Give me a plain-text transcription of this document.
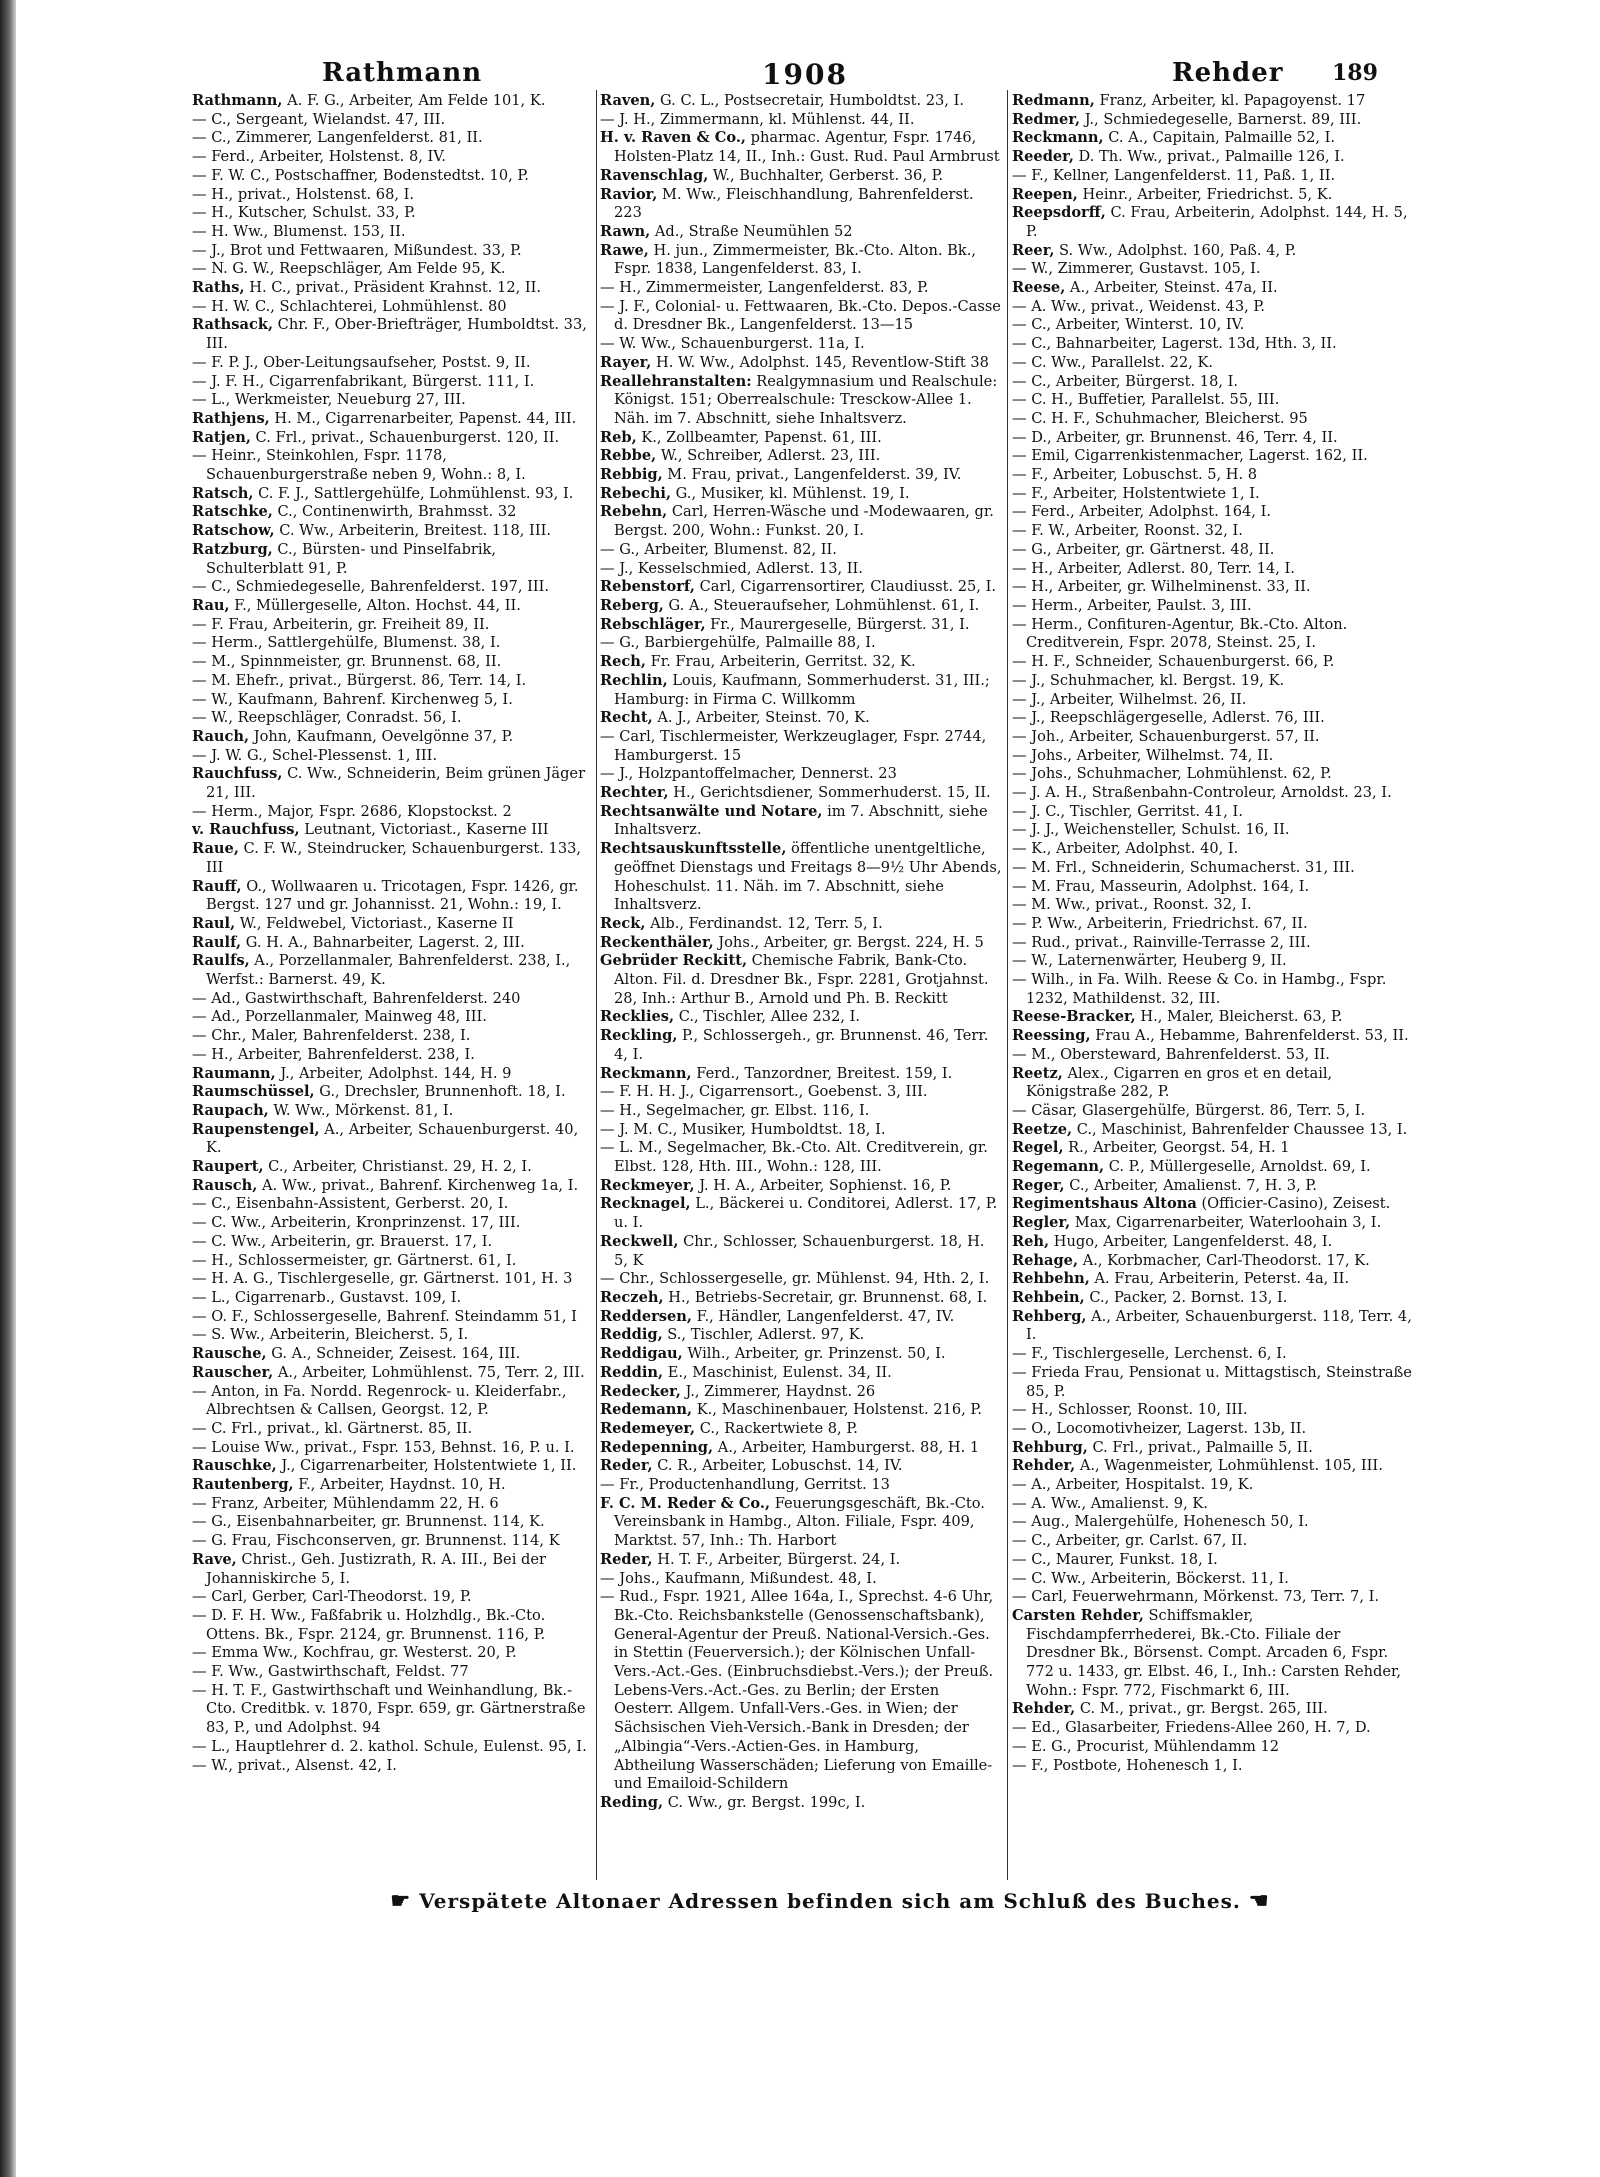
Rathmann	1908	Rehder 189

Rathmann, A. F. G., Arbeiter, Am Felde 101, K.

— C., Sergeant, Wielandst. 47, III.

— C., Zimmerer, Langenfelderst. 81, II.

— Ferd., Arbeiter, Holstenst. 8, IV.

— F. W. C., Postschaffner, Bodenstedtst. 10, P.

— H., privat., Holstenst. 68, I.

— H., Kutscher, Schulst. 33, P.

— H. Ww., Blumenst. 153, II.

— J., Brot und Fettwaaren, Mißundest. 33, P.

— N. G. W., Reepschläger, Am Felde 95, K.

Raths, H. C., privat., Präsident Krahnst. 12, II.

— H. W. C., Schlachterei, Lohmühlenst. 80

Rathsack, Chr. F., Ober-Briefträger, Humboldtst. 33, III.

— F. P. J., Ober-Leitungsaufseher, Postst. 9, II.

— J. F. H., Cigarrenfabrikant, Bürgerst. 111, I.

— L., Werkmeister, Neueburg 27, III.

Rathjens, H. M., Cigarrenarbeiter, Papenst. 44, III.

Ratjen, C. Frl., privat., Schauenburgerst. 120, II.

— Heinr., Steinkohlen, Fspr. 1178, Schauenburgerstraße neben 9, Wohn.: 8, I.

Ratsch, C. F. J., Sattlergehülfe, Lohmühlenst. 93, I.

Ratschke, C., Continenwirth, Brahmsst. 32

Ratschow, C. Ww., Arbeiterin, Breitest. 118, III.

Ratzburg, C., Bürsten- und Pinselfabrik, Schulterblatt 91, P.

— C., Schmiedegeselle, Bahrenfelderst. 197, III.

Rau, F., Müllergeselle, Alton. Hochst. 44, II.

— F. Frau, Arbeiterin, gr. Freiheit 89, II.

— Herm., Sattlergehülfe, Blumenst. 38, I.

— M., Spinnmeister, gr. Brunnenst. 68, II.

— M. Ehefr., privat., Bürgerst. 86, Terr. 14, I.

— W., Kaufmann, Bahrenf. Kirchenweg 5, I.

— W., Reepschläger, Conradst. 56, I.

Rauch, John, Kaufmann, Oevelgönne 37, P.

— J. W. G., Schel-Plessenst. 1, III.

Rauchfuss, C. Ww., Schneiderin, Beim grünen Jäger 21, III.

— Herm., Major, Fspr. 2686, Klopstockst. 2

v. Rauchfuss, Leutnant, Victoriast., Kaserne III

Raue, C. F. W., Steindrucker, Schauenburgerst. 133, III

Rauff, O., Wollwaaren u. Tricotagen, Fspr. 1426, gr. Bergst. 127 und gr. Johannisst. 21, Wohn.: 19, I.

Raul, W., Feldwebel, Victoriast., Kaserne II

Raulf, G. H. A., Bahnarbeiter, Lagerst. 2, III.

Raulfs, A., Porzellanmaler, Bahrenfelderst. 238, I., Werfst.: Barnerst. 49, K.

— Ad., Gastwirthschaft, Bahrenfelderst. 240

— Ad., Porzellanmaler, Mainweg 48, III.

— Chr., Maler, Bahrenfelderst. 238, I.

— H., Arbeiter, Bahrenfelderst. 238, I.

Raumann, J., Arbeiter, Adolphst. 144, H. 9

Raumschüssel, G., Drechsler, Brunnenhoft. 18, I.

Raupach, W. Ww., Mörkenst. 81, I.

Raupenstengel, A., Arbeiter, Schauenburgerst. 40, K.

Raupert, C., Arbeiter, Christianst. 29, H. 2, I.

Rausch, A. Ww., privat., Bahrenf. Kirchenweg 1a, I.

— C., Eisenbahn-Assistent, Gerberst. 20, I.

— C. Ww., Arbeiterin, Kronprinzenst. 17, III.

— C. Ww., Arbeiterin, gr. Brauerst. 17, I.

— H., Schlossermeister, gr. Gärtnerst. 61, I.

— H. A. G., Tischlergeselle, gr. Gärtnerst. 101, H. 3

— L., Cigarrenarb., Gustavst. 109, I.

— O. F., Schlossergeselle, Bahrenf. Steindamm 51, I

— S. Ww., Arbeiterin, Bleicherst. 5, I.

Rausche, G. A., Schneider, Zeisest. 164, III.

Rauscher, A., Arbeiter, Lohmühlenst. 75, Terr. 2, III.

— Anton, in Fa. Nordd. Regenrock- u. Kleiderfabr., Albrechtsen & Callsen, Georgst. 12, P.

— C. Frl., privat., kl. Gärtnerst. 85, II.

— Louise Ww., privat., Fspr. 153, Behnst. 16, P. u. I.

Rauschke, J., Cigarrenarbeiter, Holstentwiete 1, II.

Rautenberg, F., Arbeiter, Haydnst. 10, H.

— Franz, Arbeiter, Mühlendamm 22, H. 6

— G., Eisenbahnarbeiter, gr. Brunnenst. 114, K.

— G. Frau, Fischconserven, gr. Brunnenst. 114, K

Rave, Christ., Geh. Justizrath, R. A. III., Bei der Johanniskirche 5, I.

— Carl, Gerber, Carl-Theodorst. 19, P.

— D. F. H. Ww., Faßfabrik u. Holzhdlg., Bk.-Cto. Ottens. Bk., Fspr. 2124, gr. Brunnenst. 116, P.

— Emma Ww., Kochfrau, gr. Westerst. 20, P.

— F. Ww., Gastwirthschaft, Feldst. 77

— H. T. F., Gastwirthschaft und Weinhandlung, Bk.-Cto. Creditbk. v. 1870, Fspr. 659, gr. Gärtnerstraße 83, P., und Adolphst. 94

— L., Hauptlehrer d. 2. kathol. Schule, Eulenst. 95, I.

— W., privat., Alsenst. 42, I.

Raven, G. C. L., Postsecretair, Humboldtst. 23, I.

— J. H., Zimmermann, kl. Mühlenst. 44, II.

H. v. Raven & Co., pharmac. Agentur, Fspr. 1746, Holsten-Platz 14, II., Inh.: Gust. Rud. Paul Armbrust

Ravenschlag, W., Buchhalter, Gerberst. 36, P.

Ravior, M. Ww., Fleischhandlung, Bahrenfelderst. 223

Rawn, Ad., Straße Neumühlen 52

Rawe, H. jun., Zimmermeister, Bk.-Cto. Alton. Bk., Fspr. 1838, Langenfelderst. 83, I.

— H., Zimmermeister, Langenfelderst. 83, P.

— J. F., Colonial- u. Fettwaaren, Bk.-Cto. Depos.-Casse d. Dresdner Bk., Langenfelderst. 13—15

— W. Ww., Schauenburgerst. 11a, I.

Rayer, H. W. Ww., Adolphst. 145, Reventlow-Stift 38

Reallehranstalten: Realgymnasium und Realschule: Königst. 151; Oberrealschule: Tresckow-Allee 1. Näh. im 7. Abschnitt, siehe Inhaltsverz.

Reb, K., Zollbeamter, Papenst. 61, III.

Rebbe, W., Schreiber, Adlerst. 23, III.

Rebbig, M. Frau, privat., Langenfelderst. 39, IV.

Rebechi, G., Musiker, kl. Mühlenst. 19, I.

Rebehn, Carl, Herren-Wäsche und -Modewaaren, gr. Bergst. 200, Wohn.: Funkst. 20, I.

— G., Arbeiter, Blumenst. 82, II.

— J., Kesselschmied, Adlerst. 13, II.

Rebenstorf, Carl, Cigarrensortirer, Claudiusst. 25, I.

Reberg, G. A., Steueraufseher, Lohmühlenst. 61, I.

Rebschläger, Fr., Maurergeselle, Bürgerst. 31, I.

— G., Barbiergehülfe, Palmaille 88, I.

Rech, Fr. Frau, Arbeiterin, Gerritst. 32, K.

Rechlin, Louis, Kaufmann, Sommerhuderst. 31, III.; Hamburg: in Firma C. Willkomm

Recht, A. J., Arbeiter, Steinst. 70, K.

— Carl, Tischlermeister, Werkzeuglager, Fspr. 2744, Hamburgerst. 15

— J., Holzpantoffelmacher, Dennerst. 23

Rechter, H., Gerichtsdiener, Sommerhuderst. 15, II.

Rechtsanwälte und Notare, im 7. Abschnitt, siehe Inhaltsverz.

Rechtsauskunftsstelle, öffentliche unentgeltliche, geöffnet Dienstags und Freitags 8—9½ Uhr Abends, Hoheschulst. 11. Näh. im 7. Abschnitt, siehe Inhaltsverz.

Reck, Alb., Ferdinandst. 12, Terr. 5, I.

Reckenthäler, Johs., Arbeiter, gr. Bergst. 224, H. 5

Gebrüder Reckitt, Chemische Fabrik, Bank-Cto. Alton. Fil. d. Dresdner Bk., Fspr. 2281, Grotjahnst. 28, Inh.: Arthur B., Arnold und Ph. B. Reckitt

Recklies, C., Tischler, Allee 232, I.

Reckling, P., Schlossergeh., gr. Brunnenst. 46, Terr. 4, I.

Reckmann, Ferd., Tanzordner, Breitest. 159, I.

— F. H. H. J., Cigarrensort., Goebenst. 3, III.

— H., Segelmacher, gr. Elbst. 116, I.

— J. M. C., Musiker, Humboldtst. 18, I.

— L. M., Segelmacher, Bk.-Cto. Alt. Creditverein, gr. Elbst. 128, Hth. III., Wohn.: 128, III.

Reckmeyer, J. H. A., Arbeiter, Sophienst. 16, P.

Recknagel, L., Bäckerei u. Conditorei, Adlerst. 17, P. u. I.

Reckwell, Chr., Schlosser, Schauenburgerst. 18, H. 5, K

— Chr., Schlossergeselle, gr. Mühlenst. 94, Hth. 2, I.

Reczeh, H., Betriebs-Secretair, gr. Brunnenst. 68, I.

Reddersen, F., Händler, Langenfelderst. 47, IV.

Reddig, S., Tischler, Adlerst. 97, K.

Reddigau, Wilh., Arbeiter, gr. Prinzenst. 50, I.

Reddin, E., Maschinist, Eulenst. 34, II.

Redecker, J., Zimmerer, Haydnst. 26

Redemann, K., Maschinenbauer, Holstenst. 216, P.

Redemeyer, C., Rackertwiete 8, P.

Redepenning, A., Arbeiter, Hamburgerst. 88, H. 1

Reder, C. R., Arbeiter, Lobuschst. 14, IV.

— Fr., Productenhandlung, Gerritst. 13

F. C. M. Reder & Co., Feuerungsgeschäft, Bk.-Cto. Vereinsbank in Hambg., Alton. Filiale, Fspr. 409, Marktst. 57, Inh.: Th. Harbort

Reder, H. T. F., Arbeiter, Bürgerst. 24, I.

— Johs., Kaufmann, Mißundest. 48, I.

— Rud., Fspr. 1921, Allee 164a, I., Sprechst. 4-6 Uhr, Bk.-Cto. Reichsbankstelle (Genossenschaftsbank), General-Agentur der Preuß. National-Versich.-Ges. in Stettin (Feuerversich.); der Kölnischen Unfall-Vers.-Act.-Ges. (Einbruchsdiebst.-Vers.); der Preuß. Lebens-Vers.-Act.-Ges. zu Berlin; der Ersten Oesterr. Allgem. Unfall-Vers.-Ges. in Wien; der Sächsischen Vieh-Versich.-Bank in Dresden; der „Albingia“-Vers.-Actien-Ges. in Hamburg, Abtheilung Wasserschäden; Lieferung von Emaille- und Emailoid-Schildern

Reding, C. Ww., gr. Bergst. 199c, I.

Redmann, Franz, Arbeiter, kl. Papagoyenst. 17

Redmer, J., Schmiedegeselle, Barnerst. 89, III.

Reckmann, C. A., Capitain, Palmaille 52, I.

Reeder, D. Th. Ww., privat., Palmaille 126, I.

— F., Kellner, Langenfelderst. 11, Paß. 1, II.

Reepen, Heinr., Arbeiter, Friedrichst. 5, K.

Reepsdorff, C. Frau, Arbeiterin, Adolphst. 144, H. 5, P.

Reer, S. Ww., Adolphst. 160, Paß. 4, P.

— W., Zimmerer, Gustavst. 105, I.

Reese, A., Arbeiter, Steinst. 47a, II.

— A. Ww., privat., Weidenst. 43, P.

— C., Arbeiter, Winterst. 10, IV.

— C., Bahnarbeiter, Lagerst. 13d, Hth. 3, II.

— C. Ww., Parallelst. 22, K.

— C., Arbeiter, Bürgerst. 18, I.

— C. H., Buffetier, Parallelst. 55, III.

— C. H. F., Schuhmacher, Bleicherst. 95

— D., Arbeiter, gr. Brunnenst. 46, Terr. 4, II.

— Emil, Cigarrenkistenmacher, Lagerst. 162, II.

— F., Arbeiter, Lobuschst. 5, H. 8

— F., Arbeiter, Holstentwiete 1, I.

— Ferd., Arbeiter, Adolphst. 164, I.

— F. W., Arbeiter, Roonst. 32, I.

— G., Arbeiter, gr. Gärtnerst. 48, II.

— H., Arbeiter, Adlerst. 80, Terr. 14, I.

— H., Arbeiter, gr. Wilhelminenst. 33, II.

— Herm., Arbeiter, Paulst. 3, III.

— Herm., Confituren-Agentur, Bk.-Cto. Alton. Creditverein, Fspr. 2078, Steinst. 25, I.

— H. F., Schneider, Schauenburgerst. 66, P.

— J., Schuhmacher, kl. Bergst. 19, K.

— J., Arbeiter, Wilhelmst. 26, II.

— J., Reepschlägergeselle, Adlerst. 76, III.

— Joh., Arbeiter, Schauenburgerst. 57, II.

— Johs., Arbeiter, Wilhelmst. 74, II.

— Johs., Schuhmacher, Lohmühlenst. 62, P.

— J. A. H., Straßenbahn-Controleur, Arnoldst. 23, I.

— J. C., Tischler, Gerritst. 41, I.

— J. J., Weichensteller, Schulst. 16, II.

— K., Arbeiter, Adolphst. 40, I.

— M. Frl., Schneiderin, Schumacherst. 31, III.

— M. Frau, Masseurin, Adolphst. 164, I.

— M. Ww., privat., Roonst. 32, I.

— P. Ww., Arbeiterin, Friedrichst. 67, II.

— Rud., privat., Rainville-Terrasse 2, III.

— W., Laternenwärter, Heuberg 9, II.

— Wilh., in Fa. Wilh. Reese & Co. in Hambg., Fspr. 1232, Mathildenst. 32, III.

Reese-Bracker, H., Maler, Bleicherst. 63, P.

Reessing, Frau A., Hebamme, Bahrenfelderst. 53, II.

— M., Obersteward, Bahrenfelderst. 53, II.

Reetz, Alex., Cigarren en gros et en detail, Königstraße 282, P.

— Cäsar, Glasergehülfe, Bürgerst. 86, Terr. 5, I.

Reetze, C., Maschinist, Bahrenfelder Chaussee 13, I.

Regel, R., Arbeiter, Georgst. 54, H. 1

Regemann, C. P., Müllergeselle, Arnoldst. 69, I.

Reger, C., Arbeiter, Amalienst. 7, H. 3, P.

Regimentshaus Altona (Officier-Casino), Zeisest.

Regler, Max, Cigarrenarbeiter, Waterloohain 3, I.

Reh, Hugo, Arbeiter, Langenfelderst. 48, I.

Rehage, A., Korbmacher, Carl-Theodorst. 17, K.

Rehbehn, A. Frau, Arbeiterin, Peterst. 4a, II.

Rehbein, C., Packer, 2. Bornst. 13, I.

Rehberg, A., Arbeiter, Schauenburgerst. 118, Terr. 4, I.

— F., Tischlergeselle, Lerchenst. 6, I.

— Frieda Frau, Pensionat u. Mittagstisch, Steinstraße 85, P.

— H., Schlosser, Roonst. 10, III.

— O., Locomotivheizer, Lagerst. 13b, II.

Rehburg, C. Frl., privat., Palmaille 5, II.

Rehder, A., Wagenmeister, Lohmühlenst. 105, III.

— A., Arbeiter, Hospitalst. 19, K.

— A. Ww., Amalienst. 9, K.

— Aug., Malergehülfe, Hohenesch 50, I.

— C., Arbeiter, gr. Carlst. 67, II.

— C., Maurer, Funkst. 18, I.

— C. Ww., Arbeiterin, Böckerst. 11, I.

— Carl, Feuerwehrmann, Mörkenst. 73, Terr. 7, I.

Carsten Rehder, Schiffsmakler, Fischdampferrhederei, Bk.-Cto. Filiale der Dresdner Bk., Börsenst. Compt. Arcaden 6, Fspr. 772 u. 1433, gr. Elbst. 46, I., Inh.: Carsten Rehder, Wohn.: Fspr. 772, Fischmarkt 6, III.

Rehder, C. M., privat., gr. Bergst. 265, III.

— Ed., Glasarbeiter, Friedens-Allee 260, H. 7, D.

— E. G., Procurist, Mühlendamm 12

— F., Postbote, Hohenesch 1, I.

☛ Verspätete Altonaer Adressen befinden sich am Schluß des Buches. ☚
